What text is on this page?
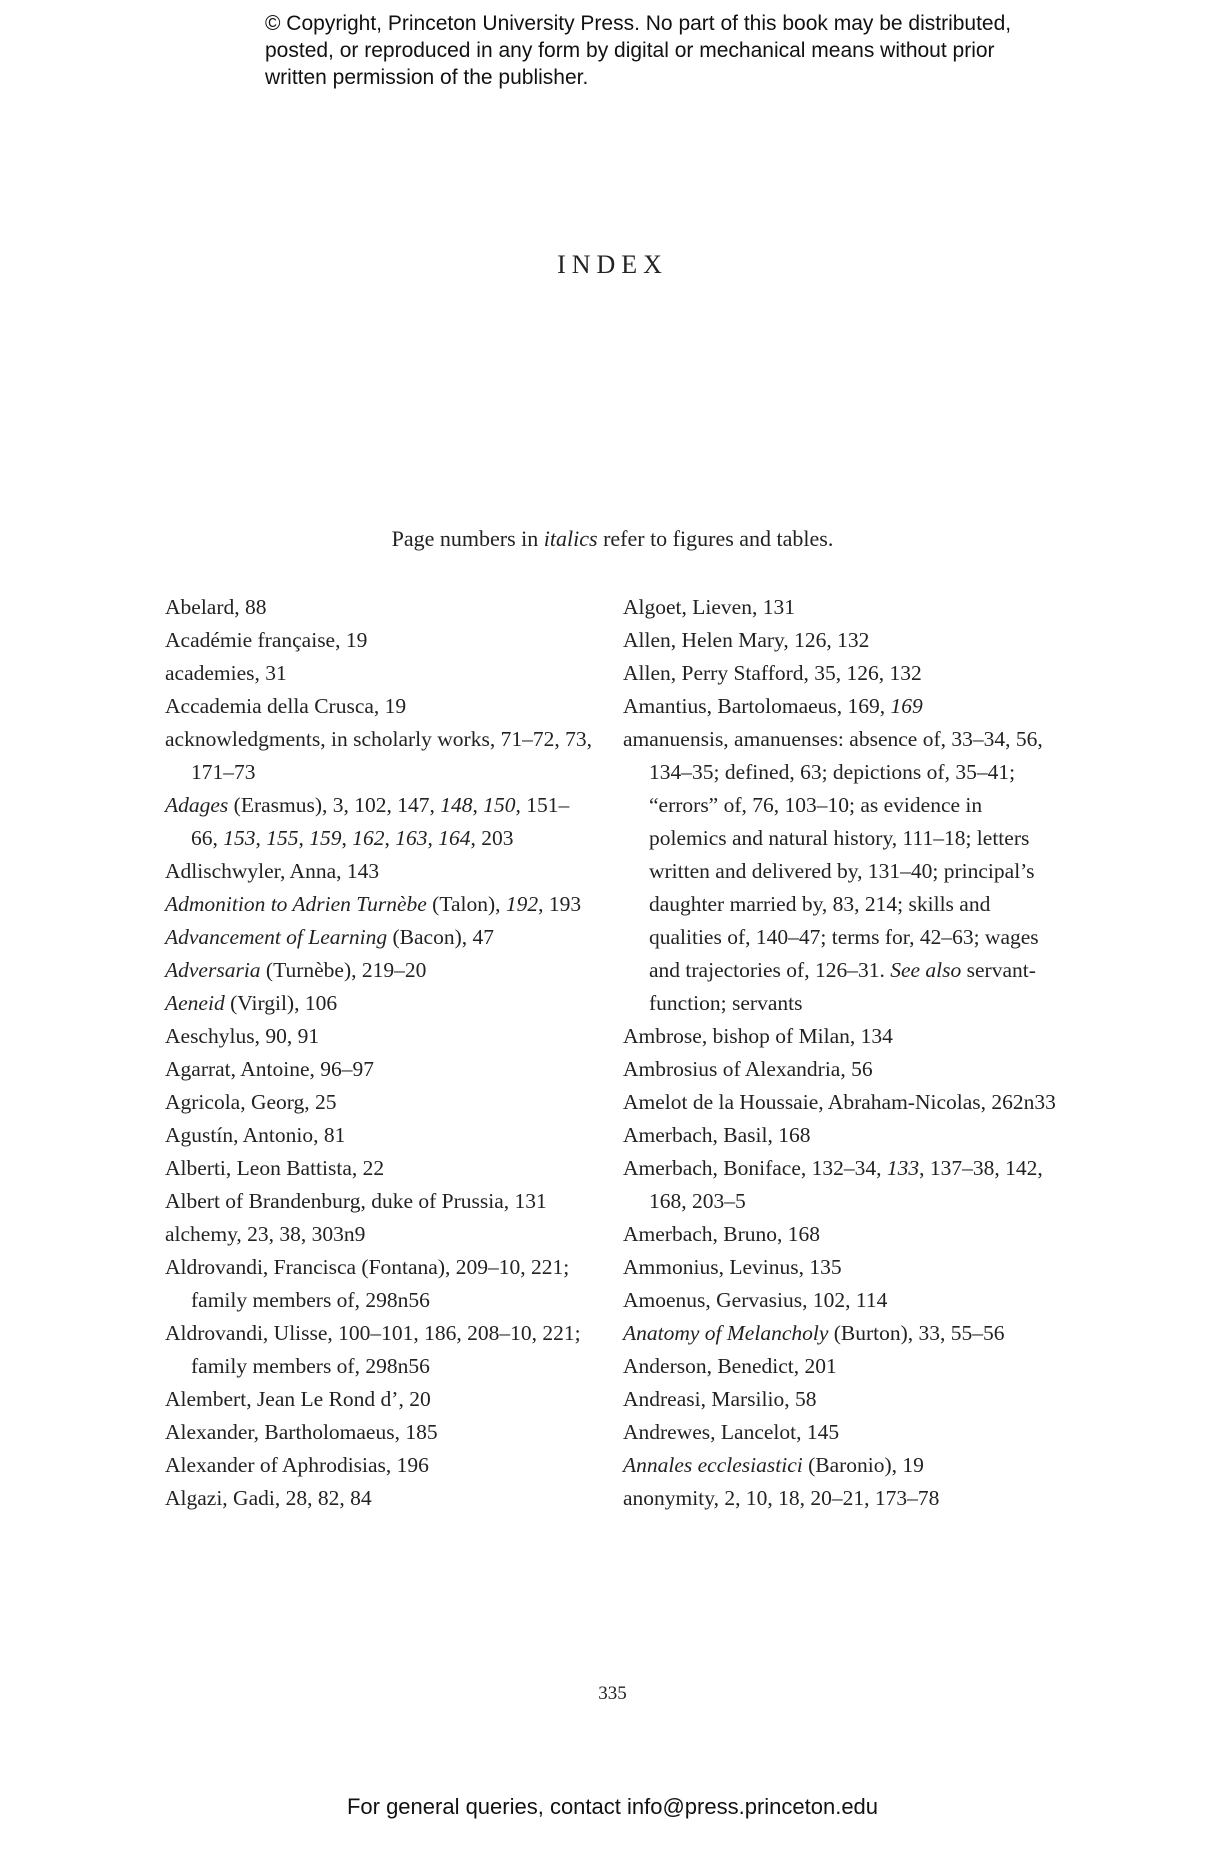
© Copyright, Princeton University Press. No part of this book may be distributed, posted, or reproduced in any form by digital or mechanical means without prior written permission of the publisher.
INDEX
Page numbers in italics refer to figures and tables.
Abelard, 88
Académie française, 19
academies, 31
Accademia della Crusca, 19
acknowledgments, in scholarly works, 71–72, 73, 171–73
Adages (Erasmus), 3, 102, 147, 148, 150, 151–66, 153, 155, 159, 162, 163, 164, 203
Adlischwyler, Anna, 143
Admonition to Adrien Turnèbe (Talon), 192, 193
Advancement of Learning (Bacon), 47
Adversaria (Turnèbe), 219–20
Aeneid (Virgil), 106
Aeschylus, 90, 91
Agarrat, Antoine, 96–97
Agricola, Georg, 25
Agustín, Antonio, 81
Alberti, Leon Battista, 22
Albert of Brandenburg, duke of Prussia, 131
alchemy, 23, 38, 303n9
Aldrovandi, Francisca (Fontana), 209–10, 221; family members of, 298n56
Aldrovandi, Ulisse, 100–101, 186, 208–10, 221; family members of, 298n56
Alembert, Jean Le Rond d’, 20
Alexander, Bartholomaeus, 185
Alexander of Aphrodisias, 196
Algazi, Gadi, 28, 82, 84
Algoet, Lieven, 131
Allen, Helen Mary, 126, 132
Allen, Perry Stafford, 35, 126, 132
Amantius, Bartolomaeus, 169, 169
amanuensis, amanuenses: absence of, 33–34, 56, 134–35; defined, 63; depictions of, 35–41; “errors” of, 76, 103–10; as evidence in polemics and natural history, 111–18; letters written and delivered by, 131–40; principal’s daughter married by, 83, 214; skills and qualities of, 140–47; terms for, 42–63; wages and trajectories of, 126–31. See also servant-function; servants
Ambrose, bishop of Milan, 134
Ambrosius of Alexandria, 56
Amelot de la Houssaie, Abraham-Nicolas, 262n33
Amerbach, Basil, 168
Amerbach, Boniface, 132–34, 133, 137–38, 142, 168, 203–5
Amerbach, Bruno, 168
Ammonius, Levinus, 135
Amoenus, Gervasius, 102, 114
Anatomy of Melancholy (Burton), 33, 55–56
Anderson, Benedict, 201
Andreasi, Marsilio, 58
Andrewes, Lancelot, 145
Annales ecclesiastici (Baronio), 19
anonymity, 2, 10, 18, 20–21, 173–78
335
For general queries, contact info@press.princeton.edu
